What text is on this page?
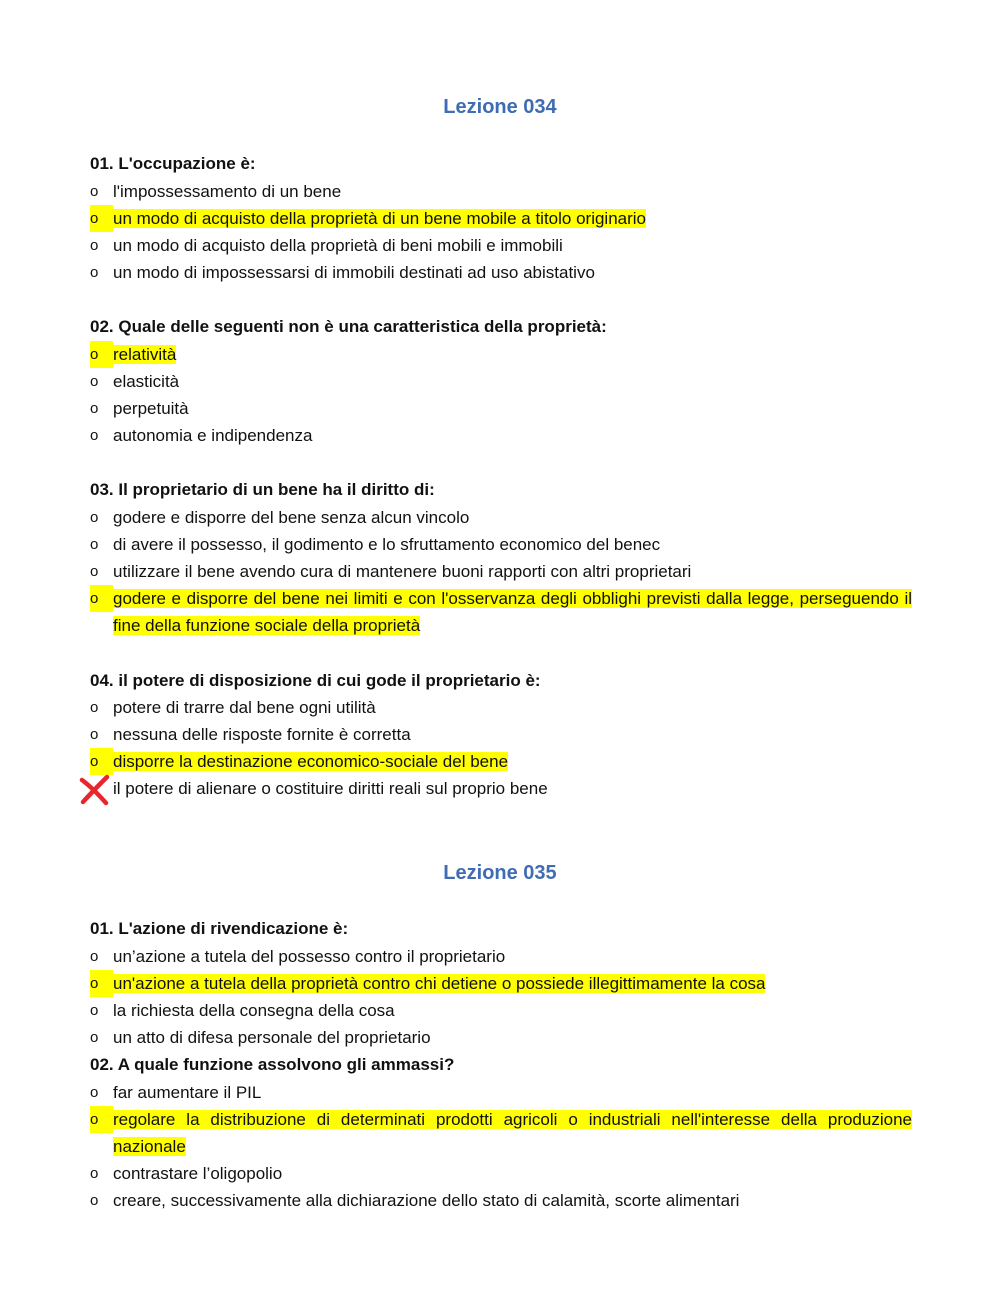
Lezione 034
01. L'occupazione è:
o l'impossessamento di un bene
o un modo di acquisto della proprietà di un bene mobile a titolo originario
o un modo di acquisto della proprietà di beni mobili e immobili
o un modo di impossessarsi di immobili destinati ad uso abistativo
02. Quale delle seguenti non è una caratteristica della proprietà:
o relatività
o elasticità
o perpetuità
o autonomia e indipendenza
03. Il proprietario di un bene ha il diritto di:
o godere e disporre del bene senza alcun vincolo
o di avere il possesso, il godimento e lo sfruttamento economico del benec
o utilizzare il bene avendo cura di mantenere buoni rapporti con altri proprietari
o godere e disporre del bene nei limiti e con l'osservanza degli obblighi previsti dalla legge, perseguendo il fine della funzione sociale della proprietà
04. il potere di disposizione di cui gode il proprietario è:
o potere di trarre dal bene ogni utilità
o nessuna delle risposte fornite è corretta
o disporre la destinazione economico-sociale del bene
il potere di alienare o costituire diritti reali sul proprio bene
Lezione 035
01. L'azione di rivendicazione è:
o un’azione a tutela del possesso contro il proprietario
o un'azione a tutela della proprietà contro chi detiene o possiede illegittimamente la cosa
o la richiesta della consegna della cosa
o un atto di difesa personale del proprietario
02. A quale funzione assolvono gli ammassi?
o far aumentare il PIL
o regolare la distribuzione di determinati prodotti agricoli o industriali nell'interesse della produzione nazionale
o contrastare l’oligopolio
o creare, successivamente alla dichiarazione dello stato di calamità, scorte alimentari
